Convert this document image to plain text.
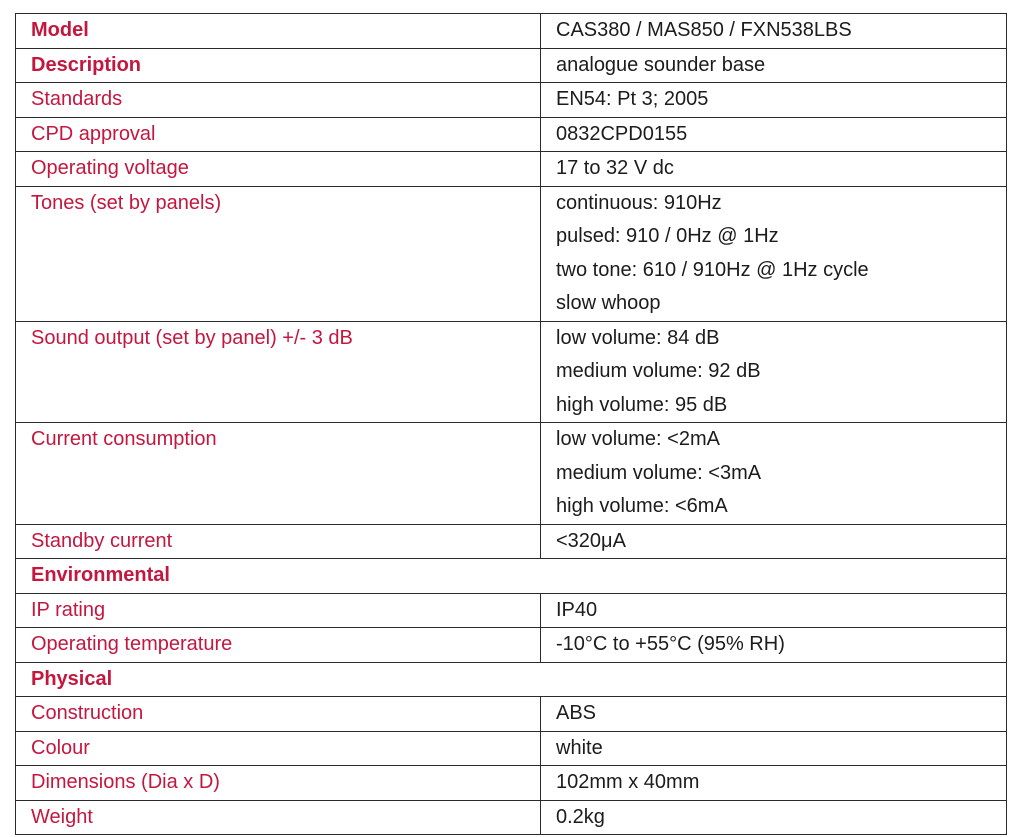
Model	CAS380 / MAS850 / FXN538LBS
Description	analogue sounder base
Standards	EN54: Pt 3; 2005
CPD approval	0832CPD0155
Operating voltage	17 to 32 V dc
Tones (set by panels)	continuous: 910Hz
pulsed: 910 / 0Hz @ 1Hz
two tone: 610 / 910Hz @ 1Hz cycle
slow whoop

Sound output (set by panel) +/- 3 dB	low volume: 84 dB
medium volume: 92 dB
high volume: 95 dB

Current consumption	low volume: <2mA
medium volume: <3mA
high volume: <6mA

Standby current	<320μA
Environmental	
IP rating	IP40
Operating temperature	-10°C to +55°C (95% RH)
Physical	
Construction	ABS
Colour	white
Dimensions (Dia x D)	102mm x 40mm
Weight	0.2kg
